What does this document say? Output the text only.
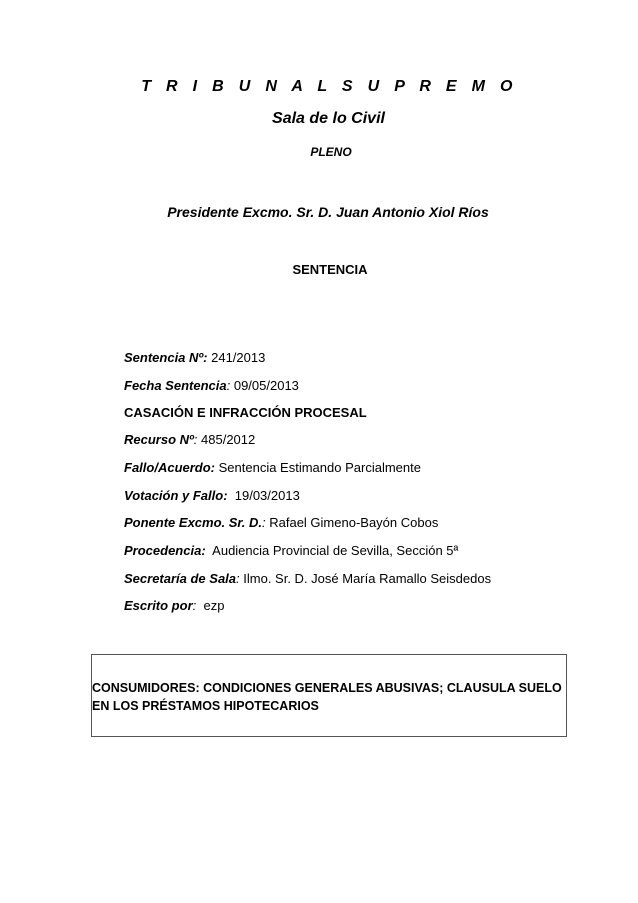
T R I B U N A L S U P R E M O
Sala de lo Civil
PLENO
Presidente Excmo. Sr. D. Juan Antonio Xiol Ríos
SENTENCIA
Sentencia Nº: 241/2013
Fecha Sentencia: 09/05/2013
CASACIÓN E INFRACCIÓN PROCESAL
Recurso Nº: 485/2012
Fallo/Acuerdo: Sentencia Estimando Parcialmente
Votación y Fallo:  19/03/2013
Ponente Excmo. Sr. D.: Rafael Gimeno-Bayón Cobos
Procedencia:  Audiencia Provincial de Sevilla, Sección 5ª
Secretaría de Sala: Ilmo. Sr. D. José María Ramallo Seisdedos
Escrito por:  ezp
CONSUMIDORES: CONDICIONES GENERALES ABUSIVAS; CLAUSULA SUELO EN LOS PRÉSTAMOS HIPOTECARIOS
